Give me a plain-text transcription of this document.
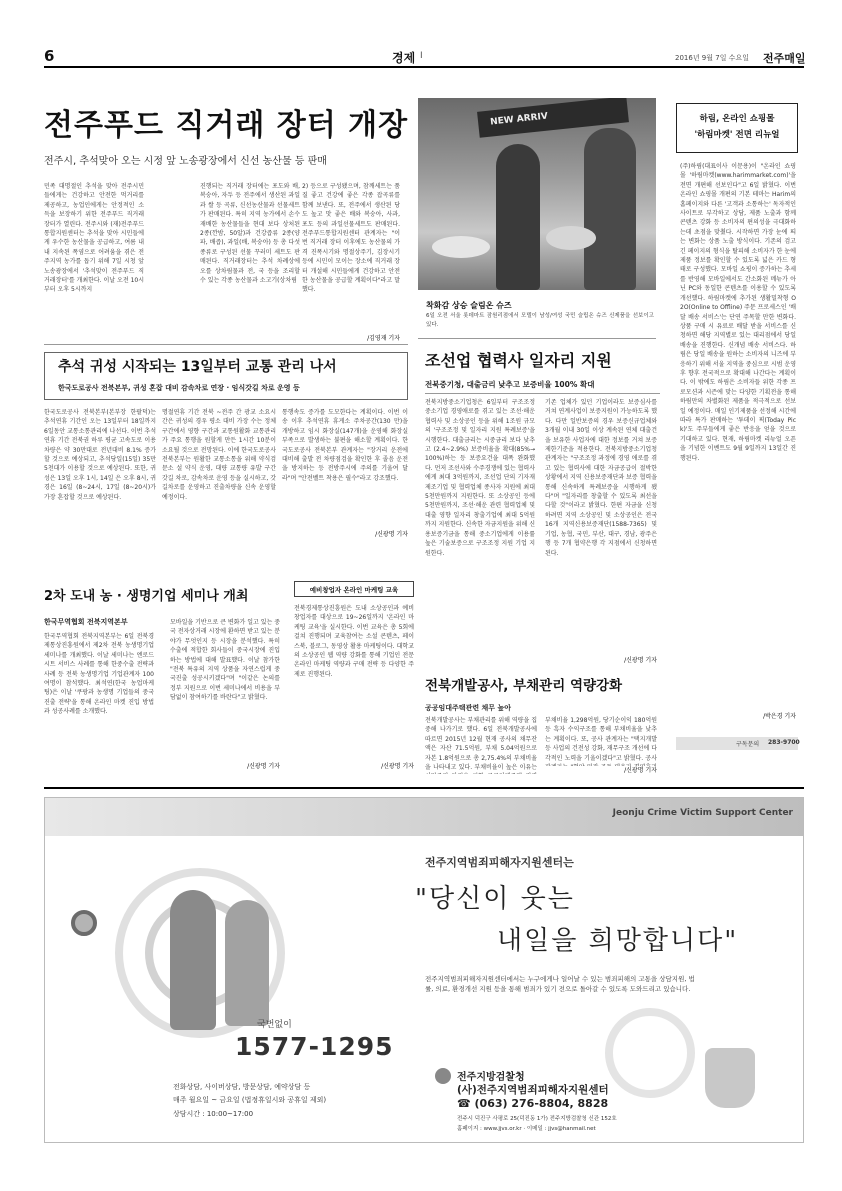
6	경제 Ⅰ	2016년 9월 7일 수요일 전주매일
전주푸드 직거래 장터 개장
전주시, 추석맞아 오는 시정 앞 노송광장에서 신선 농산물 등 판매
민족 대명절인 추석을 맞아 전주시민들에게는 건강하고 안전한 먹거리를 제공하고, 농업인에게는 안정적인 소득을 보장하기 위한 전주푸드 직거래장터가 열린다. 전주시와 (재)전주푸드통합지원센터는 추석을 맞아 시민들에게 우수한 농산물을 공급하고, 여름 내내 지속된 폭염으로 어려움을 겪은 전주지역 농가를 돕기 위해 7일 시청 앞 노송광장에서 '추석맞이 전주푸드 직거래장터'를 개최한다. 이날 오전 10시부터 오후 5시까지
진행되는 직거래 장터에는 포도와 배, 복숭아, 자두 등 전주에서 생산된 과일과 쌀 등 곡류, 신선농산물과 선물세트가 판매된다. 특히 지역 농가에서 손수 재배한 농산물들을 현대 보다 상처된 2종(깐밤, 50알)과 건강즙류 2종(양파, 배즙), 과일(배, 복숭아) 등 총 다섯 종류로 구성된 선물 꾸러미 세트도 판매된다. 직거래장터는 추석 차례상에 오를 상차림물과 전, 국 등을 조리할 수 있는 각종 농산물과 소고기(상차림
2) 등으로 구성됐으며, 참깨세트는 품질 좋고 건강에 좋은 각종 잡곡류를 함께 보낸다. 또, 전주에서 생산된 당도 높고 맛 좋은 배와 복숭아, 사과, 포도 등의 과일선물세트도 판매된다. 전주푸드통합지원센터 관계자는 "이번 직거래 장터 이후에도 농산물의 가격 진폭시기와 명절상주기, 김장시기 등에 시민이 모이는 장소에 직거래 장터 개설해 시민들에게 건강하고 안전한 농산물을 공급할 계획이다"라고 말했다.
/김영재 기자
NEW ARRIV
착화감 상승 슬림온 슈즈
6일 오전 서울 롯데마트 잠원리점에서 모델이 남성/여성 국민 슬립온 슈즈 신제품을 선보이고 있다.
하림, 온라인 쇼핑몰
'하림마켓' 전면 리뉴얼
(주)하림(대표이사 이문용)이 "온라인 쇼핑몰 '하림마켓(www.harimmarket.com)'을 전면 개편해 선보인다"고 6일 밝혔다. 이번 온라인 쇼핑몰 개편의 기본 테마는 Harim의 홈페이지와 다른 '고객과 소통하는' 독자적인 사이트로 부각하고 상담, 제품 노출과 함께 콘텐츠 강화 등 소비자의 편의성을 극대화하는데 초점을 맞췄다. 시작하면 가장 눈에 띄는 변화는 상품 노출 방식이다. 기존의 검고 긴 페이지의 형식을 탈피해 소비자가 한 눈에 제품 정보를 확인할 수 있도록 넓은 카드 형태로 구성했다. 모바일 쇼핑이 증가하는 추세를 반영해 모바일에서도 간소화된 메뉴가 아닌 PC와 동일한 콘텐츠를 이용할 수 있도록 개선했다. 하림마켓에 추가된 생활밀착형 O2O(Online to Offline) 주문 프로세스인 '배달 배송 서비스'는 단연 주목할 만한 변화다. 상품 구매 시 유료로 배달 받을 서비스를 신청하면 해당 지역별로 있는 대리점에서 당일 배송을 진행한다. 신개념 배송 서비스다. 하림은 당일 배송을 원하는 소비자의 니즈에 부응하기 위해 서울 지역을 중심으로 시범 운영 후 향후 전국적으로 확대해 나간다는 계획이다. 이 밖에도 하림은 소비자들 위한 각종 프로모션과 시즌에 맞는 다양한 기획전을 통해 하림만의 차별화된 제품을 적극적으로 선보일 예정이다. 매일 인기제품을 선정해 시간에 따라 특가 판매하는 '투데이 픽(Today Pick)'도 주부들에게 좋은 반응을 얻을 것으로 기대하고 있다. 현재, 하림마켓 리뉴얼 오픈을 기념한 이벤트도 9월 9일까지 13일간 진행된다.
/박은경 기자
구독문의 283-9700
조선업 협력사 일자리 지원
전북중기청, 대출금리 낮추고 보증비율 100% 확대
전북지방중소기업청은 6일부터 구조조정 중소기업 경영애로를 겪고 있는 조선·해운 협력사 및 소상공인 등을 위해 1조원 규모의 '구조조정 및 일자리 지원 특례보증'을 시행한다. 대출금리는 시중금리 보다 낮추고 (2.4~2.9%) 보증비율을 확대(85%→100%)하는 등 보증요건을 대폭 완화했다. 먼저 조선사와 수주경쟁에 있는 협력사에게 최대 3억원까지, 조선업 단의 기자재 제조기업 및 협력업체 종사자 지원에 최대 5천만원까지 지원한다. 또 소상공인 등에 5천만원까지, 조선·해운 관련 협력업체 및 대출 영향 일자리 창출기업에 최대 5억원까지 지원한다. 신속한 자금지원을 위해 신용보증기금을 통해 중소기업에게 이용률 높은 기술보증으로 구조조정 지원 기업 지원한다.
기존 업체가 있던 기업이라도 보증심사를 거쳐 연계사업이 보증지원이 가능하도록 했다. 다만 일반보증의 경우 보증신규업체와 3개월 이내 30일 이상 계속된 연체 대출건을 보유한 사업자에 대한 정보를 거쳐 보증 제한기준을 적용한다. 전북지방중소기업청 관계자는 "구조조정 과정에 경영 애로를 겪고 있는 협력사에 대한 자금공급이 절박한 상황에서 지역 신용보증재단과 보증 협력을 통해 신속하게 특례보증을 시행하게 됐다"며 "일자리를 창출할 수 있도록 최선을 다할 것"이라고 밝혔다. 한편 자금을 신청하려면 지역 소상공인 및 소상공인은 전국 16개 지역신용보증재단(1588-7365) 및 기업, 농협, 국민, 부산, 대구, 경남, 광주은행 등 7개 협약은행 각 지점에서 신청하면 된다.
/신광명 기자
추석 귀성 시작되는 13일부터 교통 관리 나서
한국도로공사 전북본부, 귀성 혼잡 대비 감속차로 연장 · 임식갓길 차로 운영 등
한국도로공사 전북본부(본부장 한팔덕)는 추석연휴 기간인 오는 13일부터 18일까지 6일동안 교통소통관리에 나선다. 이번 추석연휴 기간 전북권 하루 평균 고속도로 이용차량은 약 30만대로 전년대비 8.1% 증가할 것으로 예상되고, 추석당일(15일) 35만5천대가 이용할 것으로 예상된다. 또한, 귀성은 13일 오후 1시, 14일 은 오후 8시, 귀경은 16일 (8~24시, 17일 (8~20시)가 가장 혼잡할 것으로 예상된다.
명절연휴 기간 전북 ~전주 간 광교 소요시간은 귀성의 경우 평소 대비 가장 수는 정체 구간에서 영향 구간과 교통원활화 교통관리가 주요 통행을 원할게 만든 1시간 10분이 소요될 것으로 전망된다. 이에 한국도로공사 전북본부는 원활한 교통소통을 위해 약식검문소 설 약식 운영, 대량 교통량 유발 구간 갓길 차로, 감속차로 운영 등을 실시하고, 갓길차로를 운영하고 진출차량을 신속 운영할 예정이다.
통행속도 증가를 도모한다는 계획이다. 이번 이송 이후 추석연휴 휴게소 주차공간(130 만)을 개방하고 임시 화장실(147개)을 운영해 화장실 부족으로 발생하는 불편을 해소할 계획이다. 한국도로공사 전북본부 관계자는 "장거리 운전에 대비해 출발 전 차량점검을 확인한 후 졸음 운전을 방지하는 등 전방주시에 주의를 기울여 달라"며 "안전벨트 착용은 필수"라고 강조했다.
/신광명 기자
2차 도내 농 · 생명기업 세미나 개최
한국무역협회 전북지역본부
한국무역협회 전북지역본부는 6일 전북경제통상진흥원에서 제2차 전북 농생명기업 세미나를 개최했다. 이날 세미나는 엔로드시트 서비스 사례를 통해 한중수출 전략과 사례 등 전북 농생명기업 기업관계자 100여명이 참석했다. 최석연(한국 농업마케팅)은 이날 '쿠팡과 농생명 기업들의 중국 진출 전략'을 통해 온라인 마켓 진입 방법과 성공사례를 소개했다.
모바일을 기반으로 큰 변화가 일고 있는 중국 전자상거래 시장에 환하면 받고 있는 분야가 무엇인지 등 시장을 분석했다. 특히 수출에 적합한 회사들이 중국시장에 진입하는 방법에 대해 발표했다. 이날 참가한 "전북 특유의 지역 상품을 자연스럽게 중국진출 성공시키겠다"며 "이같은 논의를 정부 지원으로 이번 세미나에서 비용을 부담없이 참여하기를 바란다"고 밝혔다.
/신광명 기자
예비창업자 온라인 마케팅 교육
전북경제통상진흥원은 도내 소상공인과 예비창업자를 대상으로 19~26일까지 '온라인 마케팅 교육'을 실시한다. 이번 교육은 총 5회에 걸쳐 진행되며 교육참여는 소설 콘텐츠, 페이스북, 블로그, 동영상 활용 마케팅이다. 대학교의 소상공인 웹 역량 강화를 통해 기업인 전문 온라인 마케팅 역량과 구매 전략 등 다양한 주제로 진행된다.
/신광명 기자
전북개발공사, 부채관리 역량강화
공공임대주택관련 채무 높아
전북개발공사는 부채관리를 위해 역량을 집중해 나가기로 했다. 6일 전북개발공사에 따르면 2015년 12월 현재 공사의 채무잔액은 자산 71.5억원, 부채 5.04억원으로 자본 1.8억원으로 총 2,75.4%의 부채비율을 나타내고 있다. 부채비율이 높은 이유는
부채비율 1,298억원, 당기순이익 180억원 등 흑자 수익구조를 통해 부채비율을 낮추는 계획이다. 또, 공사 관계자는 "택지개발 등 사업의 건전성 강화, 재무구조 개선에 다각적인 노력을 기울이겠다"고 밝혔다. 공사
/신광명 기자
Jeonju Crime Victim Support Center
국번없이
1577-1295
전주지역범죄피해자지원센터는
"당신이 웃는
내일을 희망합니다"
전주지역범죄피해자지원센터에서는 누구에게나 일어날 수 있는 범죄피해의 고통을 상담지원, 법률, 의료, 환경개선 지원 등을 통해 범죄가 있기 전으로 돌아갈 수 있도록 도와드리고 있습니다.
전화상담, 사이버상담, 방문상담, 예약상담 등
매주 월요일 ~ 금요일 (법정휴일시와 공휴일 제외)
상담시간 : 10:00~17:00
전주지방검찰청
(사)전주지역범죄피해자지원센터
☎ (063) 276-8804, 8828
전주시 덕진구 사평로 25(덕진동 1가) 전주지방검찰청 신관 152호
홈페이지 : www.jjvs.or.kr · 이메일 : jjvs@hanmail.net
